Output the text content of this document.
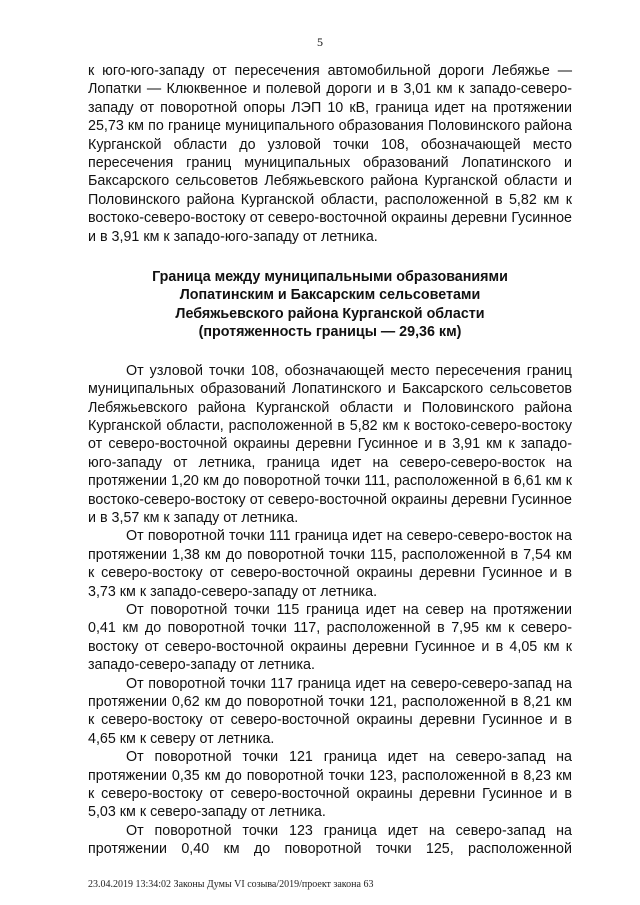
5

к юго-юго-западу от пересечения автомобильной дороги Лебяжье — Лопатки — Клюквенное и полевой дороги и в 3,01 км к западо-северо-западу от поворотной опоры ЛЭП 10 кВ, граница идет на протяжении 25,73 км по границе муниципального образования Половинского района Курганской области до узловой точки 108, обозначающей место пересечения границ муниципальных образований Лопатинского и Баксарского сельсоветов Лебяжьевского района Курганской области и Половинского района Курганской области, расположенной в 5,82 км к востоко-северо-востоку от северо-восточной окраины деревни Гусинное и в 3,91 км к западо-юго-западу от летника.

Граница между муниципальными образованиями
Лопатинским и Баксарским сельсоветами
Лебяжьевского района Курганской области
(протяженность границы — 29,36 км)

От узловой точки 108, обозначающей место пересечения границ муниципальных образований Лопатинского и Баксарского сельсоветов Лебяжьевского района Курганской области и Половинского района Курганской области, расположенной в 5,82 км к востоко-северо-востоку от северо-восточной окраины деревни Гусинное и в 3,91 км к западо-юго-западу от летника, граница идет на северо-северо-восток на протяжении 1,20 км до поворотной точки 111, расположенной в 6,61 км к востоко-северо-востоку от северо-восточной окраины деревни Гусинное и в 3,57 км к западу от летника.

От поворотной точки 111 граница идет на северо-северо-восток на протяжении 1,38 км до поворотной точки 115, расположенной в 7,54 км к северо-востоку от северо-восточной окраины деревни Гусинное и в 3,73 км к западо-северо-западу от летника.

От поворотной точки 115 граница идет на север на протяжении 0,41 км до поворотной точки 117, расположенной в 7,95 км к северо-востоку от северо-восточной окраины деревни Гусинное и в 4,05 км к западо-северо-западу от летника.

От поворотной точки 117 граница идет на северо-северо-запад на протяжении 0,62 км до поворотной точки 121, расположенной в 8,21 км к северо-востоку от северо-восточной окраины деревни Гусинное и в 4,65 км к северу от летника.

От поворотной точки 121 граница идет на северо-запад на протяжении 0,35 км до поворотной точки 123, расположенной в 8,23 км к северо-востоку от северо-восточной окраины деревни Гусинное и в 5,03 км к северо-западу от летника.

От поворотной точки 123 граница идет на северо-запад на протяжении 0,40 км до поворотной точки 125, расположенной

23.04.2019 13:34:02 Законы Думы VI созыва/2019/проект закона 63
